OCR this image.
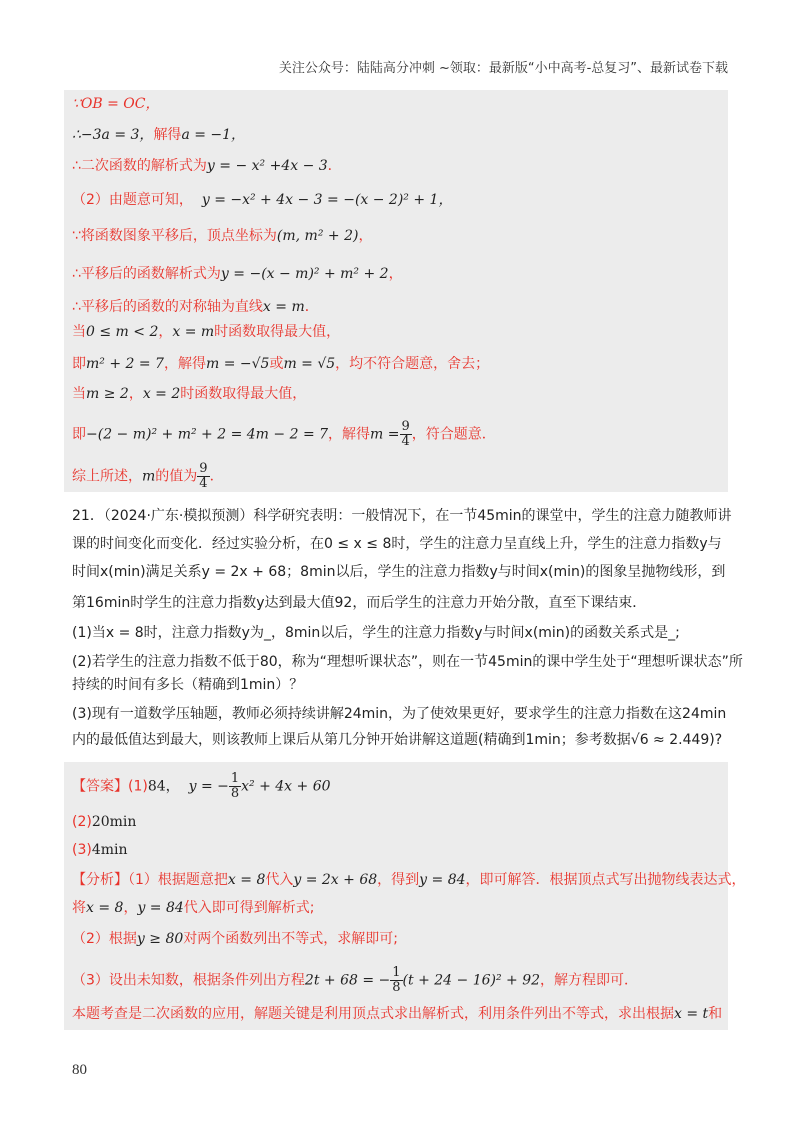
关注公众号：陆陆高分冲刺 ~领取：最新版“小中高考-总复习”、最新试卷下载
∵OB = OC，
∴−3a = 3，解得a = −1，
∴二次函数的解析式为y = − x² +4x − 3．
（2）由题意可知， y = −x² + 4x − 3 = −(x − 2)² + 1，
∵将函数图象平移后，顶点坐标为(m, m² + 2)，
∴平移后的函数解析式为y = −(x − m)² + m² + 2，
∴平移后的函数的对称轴为直线x = m．
当0 ≤ m < 2，x = m时函数取得最大值，
即m² + 2 = 7，解得m = −√5或m = √5，均不符合题意，舍去；
当m ≥ 2，x = 2时函数取得最大值，
即−(2 − m)² + m² + 2 = 4m − 2 = 7，解得$m = \frac{9}{4}$ ，符合题意．
综上所述，m的值为 $\frac{9}{4}$ ．
21．（2024·广东·模拟预测）科学研究表明：一般情况下，在一节45min的课堂中，学生的注意力随教师讲
课的时间变化而变化．经过实验分析，在0 ≤ x ≤ 8时，学生的注意力呈直线上升，学生的注意力指数y与
时间x(min)满足关系y = 2x + 68；8min以后，学生的注意力指数y与时间x(min)的图象呈抛物线形，到
第16min时学生的注意力指数y达到最大值92，而后学生的注意力开始分散，直至下课结束．
(1)当x = 8时，注意力指数y为_，8min以后，学生的注意力指数y与时间x(min)的函数关系式是_;
(2)若学生的注意力指数不低于80，称为“理想听课状态”，则在一节45min的课中学生处于“理想听课状态”所
持续的时间有多长（精确到1min）？
(3)现有一道数学压轴题，教师必须持续讲解24min，为了使效果更好，要求学生的注意力指数在这24min
内的最低值达到最大，则该教师上课后从第几分钟开始讲解这道题(精确到1min；参考数据√6 ≈ 2.449)?
【答案】(1)84， y = − $\frac{1}{8} x^2 + 4x + 60$
(2)20min
(3)4min
【分析】（1）根据题意把x = 8代入y = 2x + 68，得到y = 84，即可解答．根据顶点式写出抛物线表达式，
将x = 8，y = 84代入即可得到解析式;
（2）根据y ≥ 80对两个函数列出不等式，求解即可;
（3）设出未知数，根据条件列出方程2t + 68 = − $\frac{1}{8} (t + 24 - 16)^2 + 92$，解方程即可．
本题考查是二次函数的应用，解题关键是利用顶点式求出解析式，利用条件列出不等式，求出根据x = t和
80
